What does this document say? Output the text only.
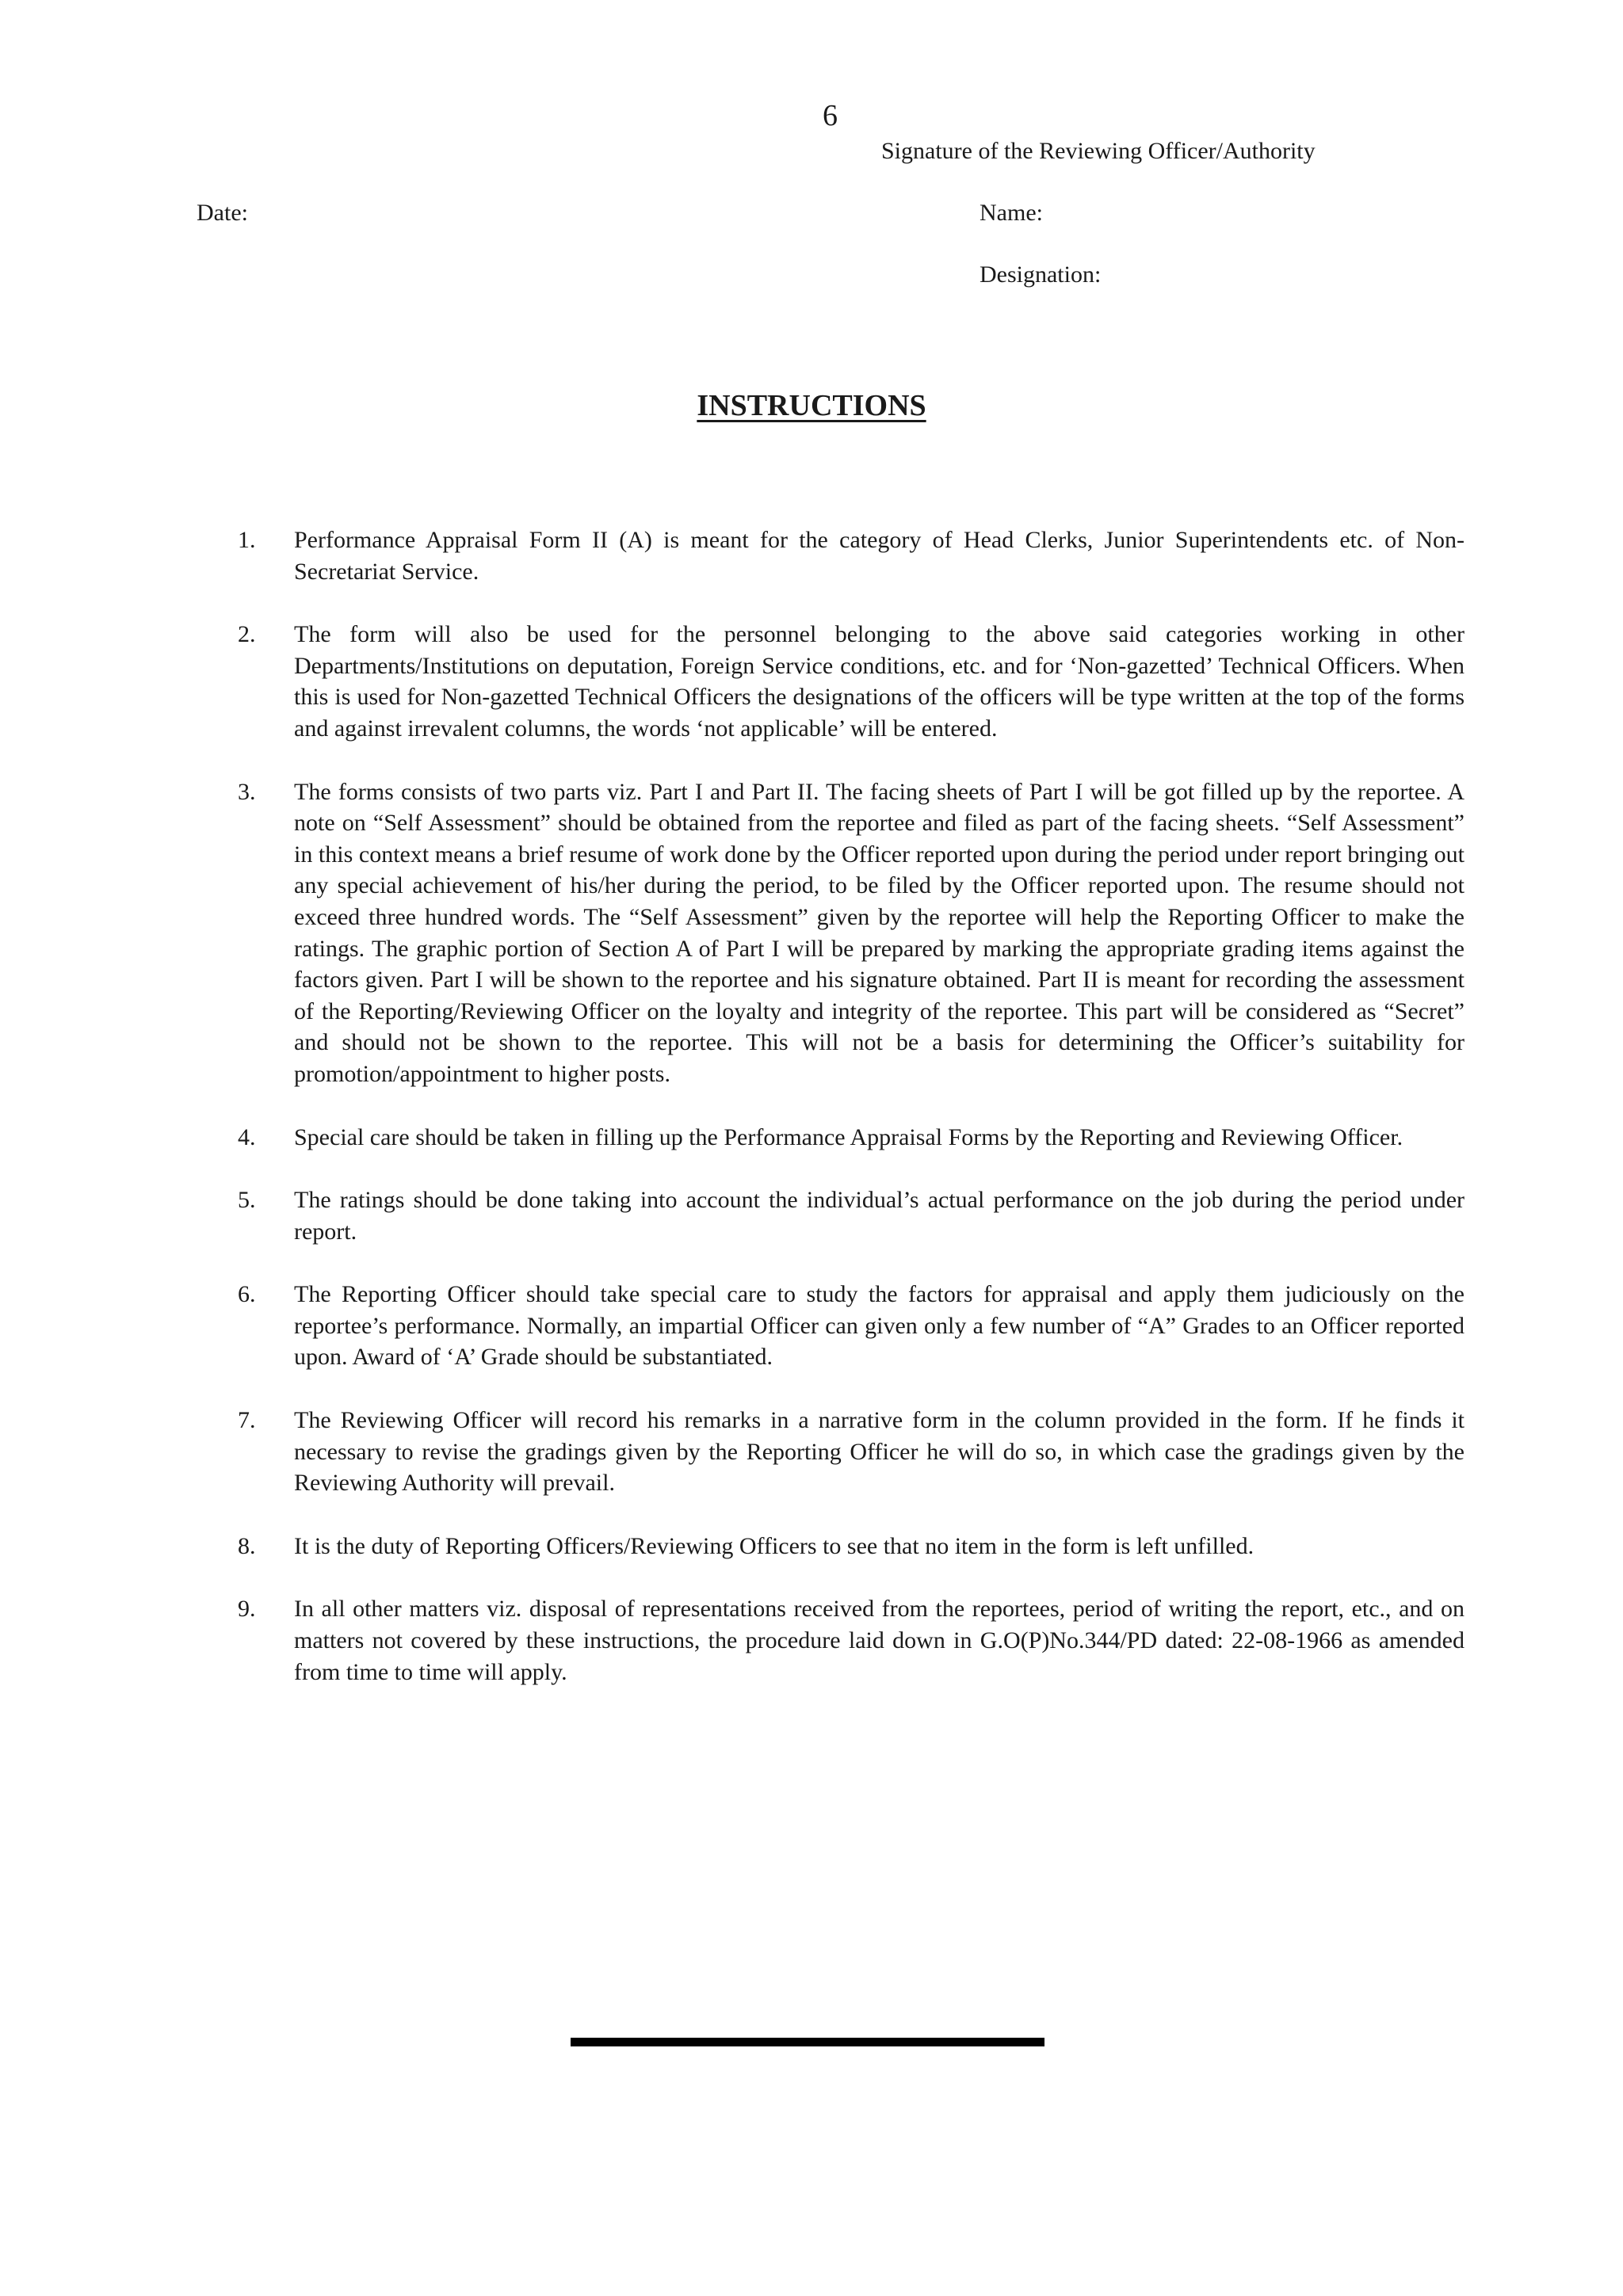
6
Signature of the Reviewing Officer/Authority
Date:	Name:
Designation:
INSTRUCTIONS
1. Performance Appraisal Form II (A) is meant for the category of Head Clerks, Junior Superintendents etc. of Non-Secretariat Service.
2. The form will also be used for the personnel belonging to the above said categories working in other Departments/Institutions on deputation, Foreign Service conditions, etc. and for ‘Non-gazetted’ Technical Officers. When this is used for Non-gazetted Technical Officers the designations of the officers will be type written at the top of the forms and against irrevalent columns, the words ‘not applicable’ will be entered.
3. The forms consists of two parts viz. Part I and Part II. The facing sheets of Part I will be got filled up by the reportee. A note on “Self Assessment” should be obtained from the reportee and filed as part of the facing sheets. “Self Assessment” in this context means a brief resume of work done by the Officer reported upon during the period under report bringing out any special achievement of his/her during the period, to be filed by the Officer reported upon. The resume should not exceed three hundred words. The “Self Assessment” given by the reportee will help the Reporting Officer to make the ratings. The graphic portion of Section A of Part I will be prepared by marking the appropriate grading items against the factors given. Part I will be shown to the reportee and his signature obtained. Part II is meant for recording the assessment of the Reporting/Reviewing Officer on the loyalty and integrity of the reportee. This part will be considered as “Secret” and should not be shown to the reportee. This will not be a basis for determining the Officer’s suitability for promotion/appointment to higher posts.
4. Special care should be taken in filling up the Performance Appraisal Forms by the Reporting and Reviewing Officer.
5. The ratings should be done taking into account the individual’s actual performance on the job during the period under report.
6. The Reporting Officer should take special care to study the factors for appraisal and apply them judiciously on the reportee’s performance. Normally, an impartial Officer can given only a few number of “A” Grades to an Officer reported upon. Award of ‘A’ Grade should be substantiated.
7. The Reviewing Officer will record his remarks in a narrative form in the column provided in the form. If he finds it necessary to revise the gradings given by the Reporting Officer he will do so, in which case the gradings given by the Reviewing Authority will prevail.
8. It is the duty of Reporting Officers/Reviewing Officers to see that no item in the form is left unfilled.
9. In all other matters viz. disposal of representations received from the reportees, period of writing the report, etc., and on matters not covered by these instructions, the procedure laid down in G.O(P)No.344/PD dated: 22-08-1966 as amended from time to time will apply.
